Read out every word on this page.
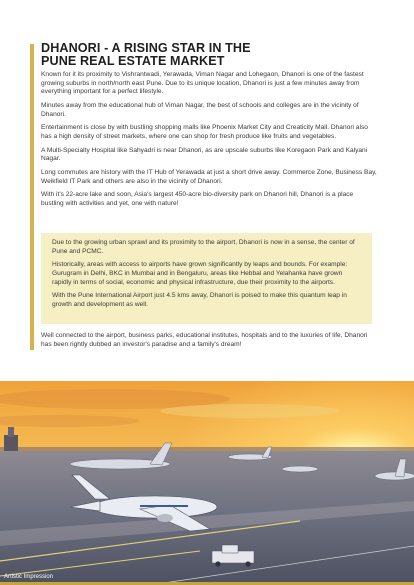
DHANORI - A RISING STAR IN THE
PUNE REAL ESTATE MARKET

Known for it its proximity to Vishrantwadi, Yerawada, Viman Nagar and Lohegaon, Dhanori is one of the fastest growing suburbs in north/north east Pune. Due to its unique location, Dhanori is just a few minutes away from everything important for a perfect lifestyle.

Minutes away from the educational hub of Viman Nagar, the best of schools and colleges are in the vicinity of Dhanori.

Entertainment is close by with bustling shopping malls like Phoenix Market City and Creaticity Mall. Dhanori also has a high density of street markets, where one can shop for fresh produce like fruits and vegetables.

A Multi-Specialty Hospital like Sahyadri is near Dhanori, as are upscale suburbs like Koregaon Park and Kalyani Nagar.

Long commutes are history with the IT Hub of Yerawada at just a short drive away. Commerce Zone, Business Bay, Weikfield IT Park and others are also in the vicinity of Dhanori.

With it's 22-acre lake and soon, Asia's largest 450-acre bio-diversity park on Dhanori hill, Dhanori is a place bustling with activities and yet, one with nature!

Due to the growing urban sprawl and its proximity to the airport, Dhanori is now in a sense, the center of Pune and PCMC.

Historically, areas with access to airports have grown significantly by leaps and bounds. For example: Gurugram in Delhi, BKC in Mumbai and in Bengaluru, areas like Hebbal and Yelahanka have grown rapidly in terms of social, economic and physical infrastructure, due their proximity to the airports.

With the Pune International Airport just 4.5 kms away, Dhanori is poised to make this quantum leap in growth and development as well.

Well connected to the airport, business parks, educational institutes, hospitals and to the luxuries of life, Dhanori has been rightly dubbed an investor's paradise and a family's dream!

Artistic Impression
